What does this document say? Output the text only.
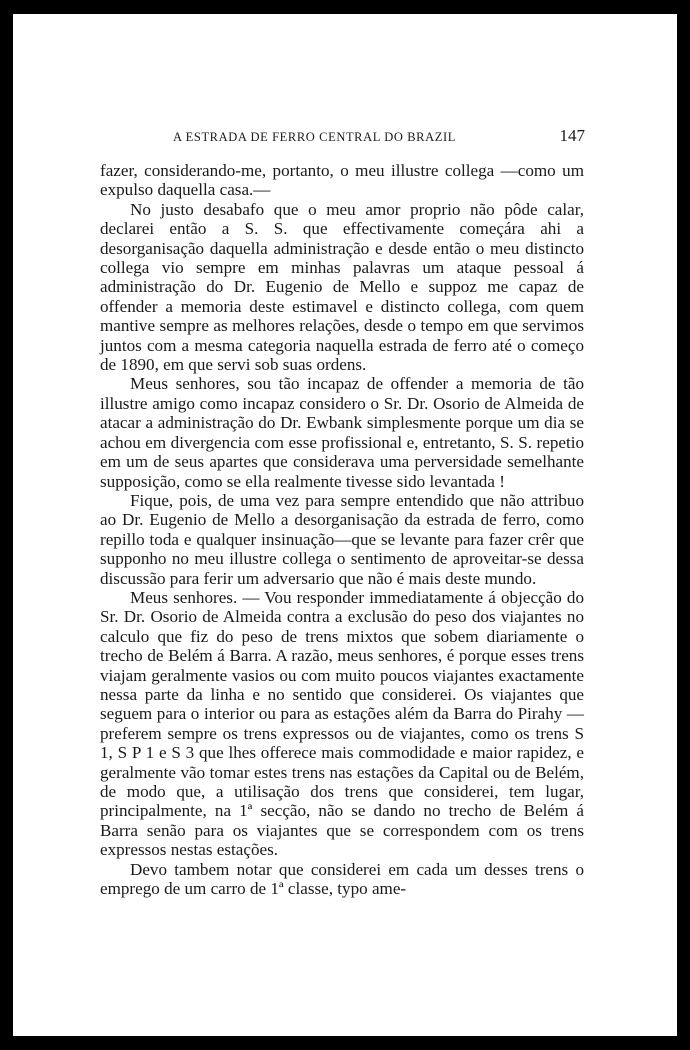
A ESTRADA DE FERRO CENTRAL DO BRAZIL	147

fazer, considerando-me, portanto, o meu illustre collega —como um expulso daquella casa.—

No justo desabafo que o meu amor proprio não pôde calar, declarei então a S. S. que effectivamente começára ahi a desorganisação daquella administração e desde então o meu distincto collega vio sempre em minhas palavras um ataque pessoal á administração do Dr. Eugenio de Mello e suppoz me capaz de offender a memoria deste estimavel e distincto collega, com quem mantive sempre as melhores relações, desde o tempo em que servimos juntos com a mesma categoria naquella estrada de ferro até o começo de 1890, em que servi sob suas ordens.

Meus senhores, sou tão incapaz de offender a memoria de tão illustre amigo como incapaz considero o Sr. Dr. Osorio de Almeida de atacar a administração do Dr. Ewbank simplesmente porque um dia se achou em divergencia com esse profissional e, entretanto, S. S. repetio em um de seus apartes que considerava uma perversidade semelhante supposição, como se ella realmente tivesse sido levantada !

Fique, pois, de uma vez para sempre entendido que não attribuo ao Dr. Eugenio de Mello a desorganisação da estrada de ferro, como repillo toda e qualquer insinuação—que se levante para fazer crêr que supponho no meu illustre collega o sentimento de aproveitar-se dessa discussão para ferir um adversario que não é mais deste mundo.

Meus senhores. — Vou responder immediatamente á objecção do Sr. Dr. Osorio de Almeida contra a exclusão do peso dos viajantes no calculo que fiz do peso de trens mixtos que sobem diariamente o trecho de Belém á Barra. A razão, meus senhores, é porque esses trens viajam geralmente vasios ou com muito poucos viajantes exactamente nessa parte da linha e no sentido que considerei. Os viajantes que seguem para o interior ou para as estações além da Barra do Pirahy — preferem sempre os trens expressos ou de viajantes, como os trens S 1, S P 1 e S 3 que lhes offerece mais commodidade e maior rapidez, e geralmente vão tomar estes trens nas estações da Capital ou de Belém, de modo que, a utilisação dos trens que considerei, tem lugar, principalmente, na 1ª secção, não se dando no trecho de Belém á Barra senão para os viajantes que se correspondem com os trens expressos nestas estações.

Devo tambem notar que considerei em cada um desses trens o emprego de um carro de 1ª classe, typo ame-
